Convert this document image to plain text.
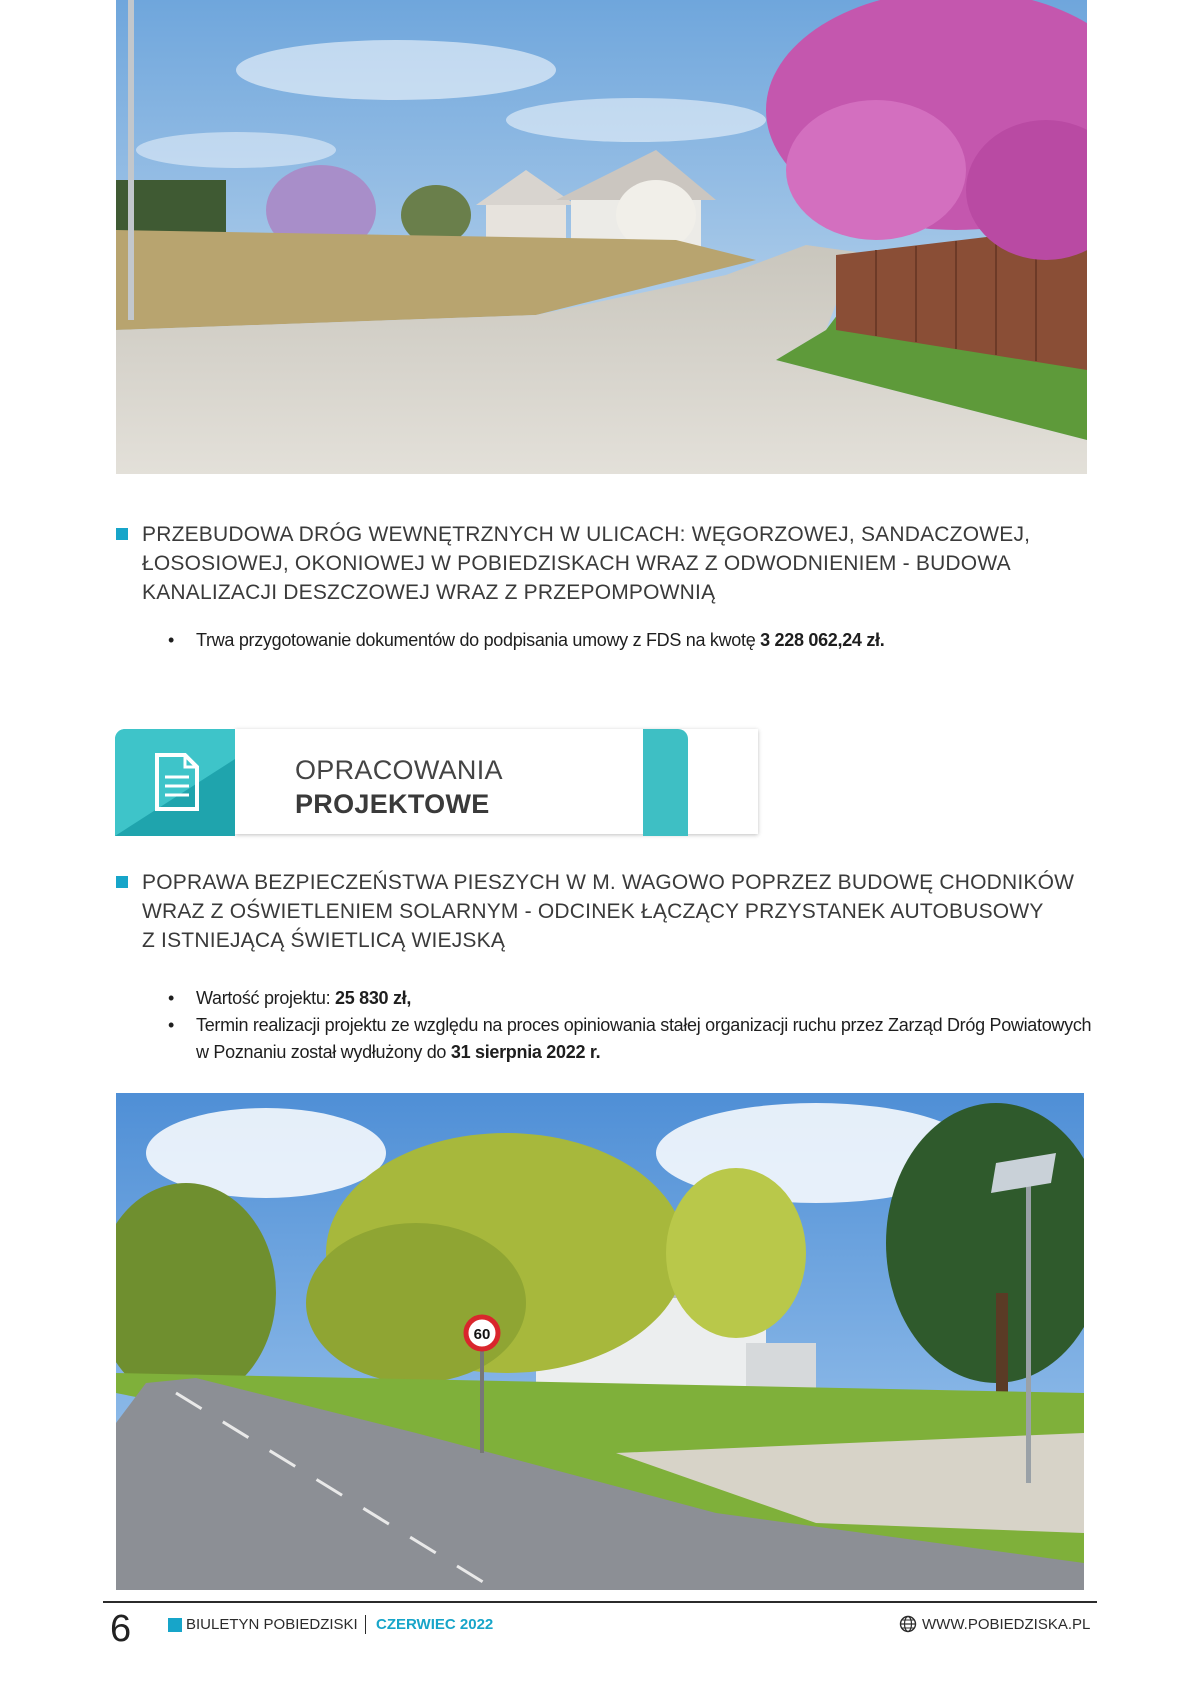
PRZEBUDOWA DRÓG WEWNĘTRZNYCH W ULICACH: WĘGORZOWEJ, SANDACZOWEJ,
ŁOSOSIOWEJ, OKONIOWEJ W POBIEDZISKACH WRAZ Z ODWODNIENIEM - BUDOWA
KANALIZACJI DESZCZOWEJ WRAZ Z PRZEPOMPOWNIĄ
• Trwa przygotowanie dokumentów do podpisania umowy z FDS na kwotę 3 228 062,24 zł.
OPRACOWANIA
PROJEKTOWE
POPRAWA BEZPIECZEŃSTWA PIESZYCH W M. WAGOWO POPRZEZ BUDOWĘ CHODNIKÓW
WRAZ Z OŚWIETLENIEM SOLARNYM - ODCINEK ŁĄCZĄCY PRZYSTANEK AUTOBUSOWY
Z ISTNIEJĄCĄ ŚWIETLICĄ WIEJSKĄ
• Wartość projektu: 25 830 zł,
• Termin realizacji projektu ze względu na proces opiniowania stałej organizacji ruchu przez Zarząd Dróg Powiatowych w Poznaniu został wydłużony do 31 sierpnia 2022 r.
60
6	BIULETYN POBIEDZISKI CZERWIEC 2022	WWW.POBIEDZISKA.PL
